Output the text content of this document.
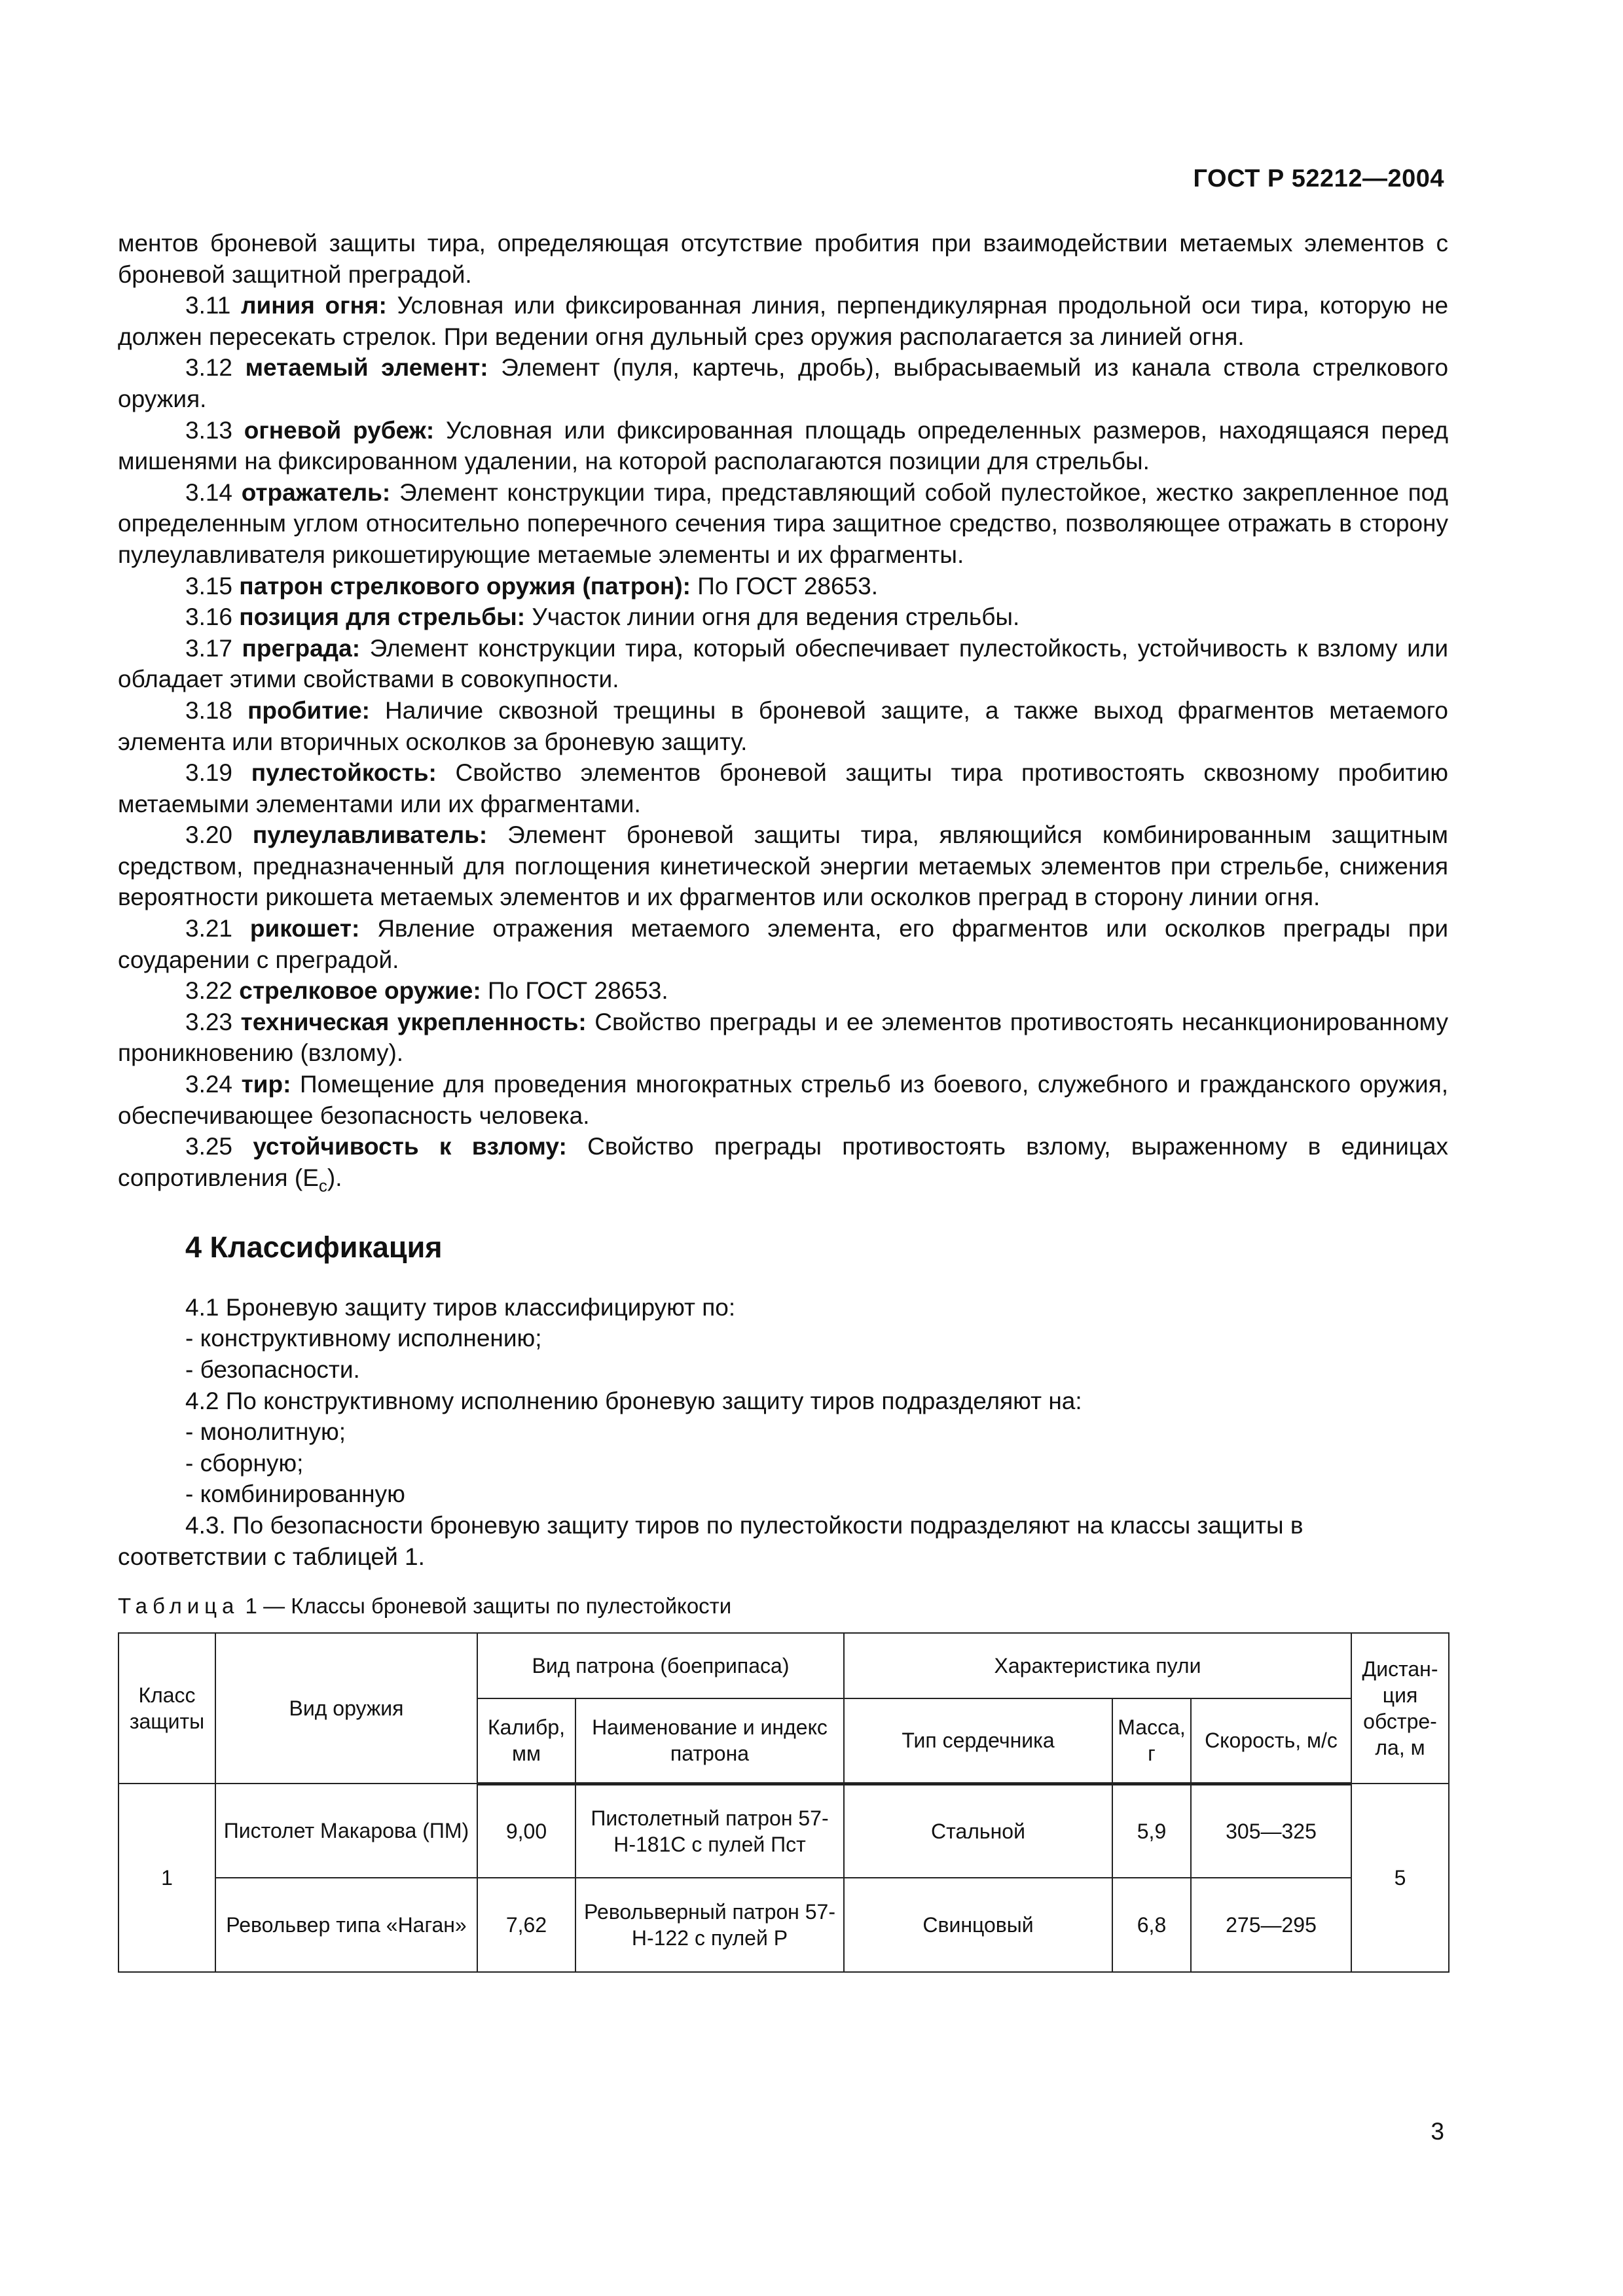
ГОСТ Р 52212—2004

ментов броневой защиты тира, определяющая отсутствие пробития при взаимодействии метаемых элементов с броневой защитной преградой.

3.11 линия огня: Условная или фиксированная линия, перпендикулярная продольной оси тира, которую не должен пересекать стрелок. При ведении огня дульный срез оружия располагается за линией огня.

3.12 метаемый элемент: Элемент (пуля, картечь, дробь), выбрасываемый из канала ствола стрелкового оружия.

3.13 огневой рубеж: Условная или фиксированная площадь определенных размеров, находящаяся перед мишенями на фиксированном удалении, на которой располагаются позиции для стрельбы.

3.14 отражатель: Элемент конструкции тира, представляющий собой пулестойкое, жестко закрепленное под определенным углом относительно поперечного сечения тира защитное средство, позволяющее отражать в сторону пулеулавливателя рикошетирующие метаемые элементы и их фрагменты.

3.15 патрон стрелкового оружия (патрон): По ГОСТ 28653.

3.16 позиция для стрельбы: Участок линии огня для ведения стрельбы.

3.17 преграда: Элемент конструкции тира, который обеспечивает пулестойкость, устойчивость к взлому или обладает этими свойствами в совокупности.

3.18 пробитие: Наличие сквозной трещины в броневой защите, а также выход фрагментов метаемого элемента или вторичных осколков за броневую защиту.

3.19 пулестойкость: Свойство элементов броневой защиты тира противостоять сквозному пробитию метаемыми элементами или их фрагментами.

3.20 пулеулавливатель: Элемент броневой защиты тира, являющийся комбинированным защитным средством, предназначенный для поглощения кинетической энергии метаемых элементов при стрельбе, снижения вероятности рикошета метаемых элементов и их фрагментов или осколков преград в сторону линии огня.

3.21 рикошет: Явление отражения метаемого элемента, его фрагментов или осколков преграды при соударении с преградой.

3.22 стрелковое оружие: По ГОСТ 28653.

3.23 техническая укрепленность: Свойство преграды и ее элементов противостоять несанкционированному проникновению (взлому).

3.24 тир: Помещение для проведения многократных стрельб из боевого, служебного и гражданского оружия, обеспечивающее безопасность человека.

3.25 устойчивость к взлому: Свойство преграды противостоять взлому, выраженному в единицах сопротивления $(E_c)$.

4 Классификация

4.1 Броневую защиту тиров классифицируют по:

- конструктивному исполнению;

- безопасности.

4.2 По конструктивному исполнению броневую защиту тиров подразделяют на:

- монолитную;

- сборную;

- комбинированную

4.3. По безопасности броневую защиту тиров по пулестойкости подразделяют на классы защиты в

соответствии с таблицей 1.

Таблица 1 — Классы броневой защиты по пулестойкости
Класс защиты	Вид оружия	Вид патрона (боеприпаса)		Характеристика пули			Дистан-ция обстре-ла, м
		Калибр, мм	Наименование и индекс патрона	Тип сердечника	Масса, г	Скорость, м/с	
1	Пистолет Макарова (ПМ)	9,00	Пистолетный патрон 57-Н-181С с пулей Пст	Стальной	5,9	305—325	5
	Револьвер типа «Наган»	7,62	Револьверный патрон 57-Н-122 с пулей Р	Свинцовый	6,8	275—295	
3
